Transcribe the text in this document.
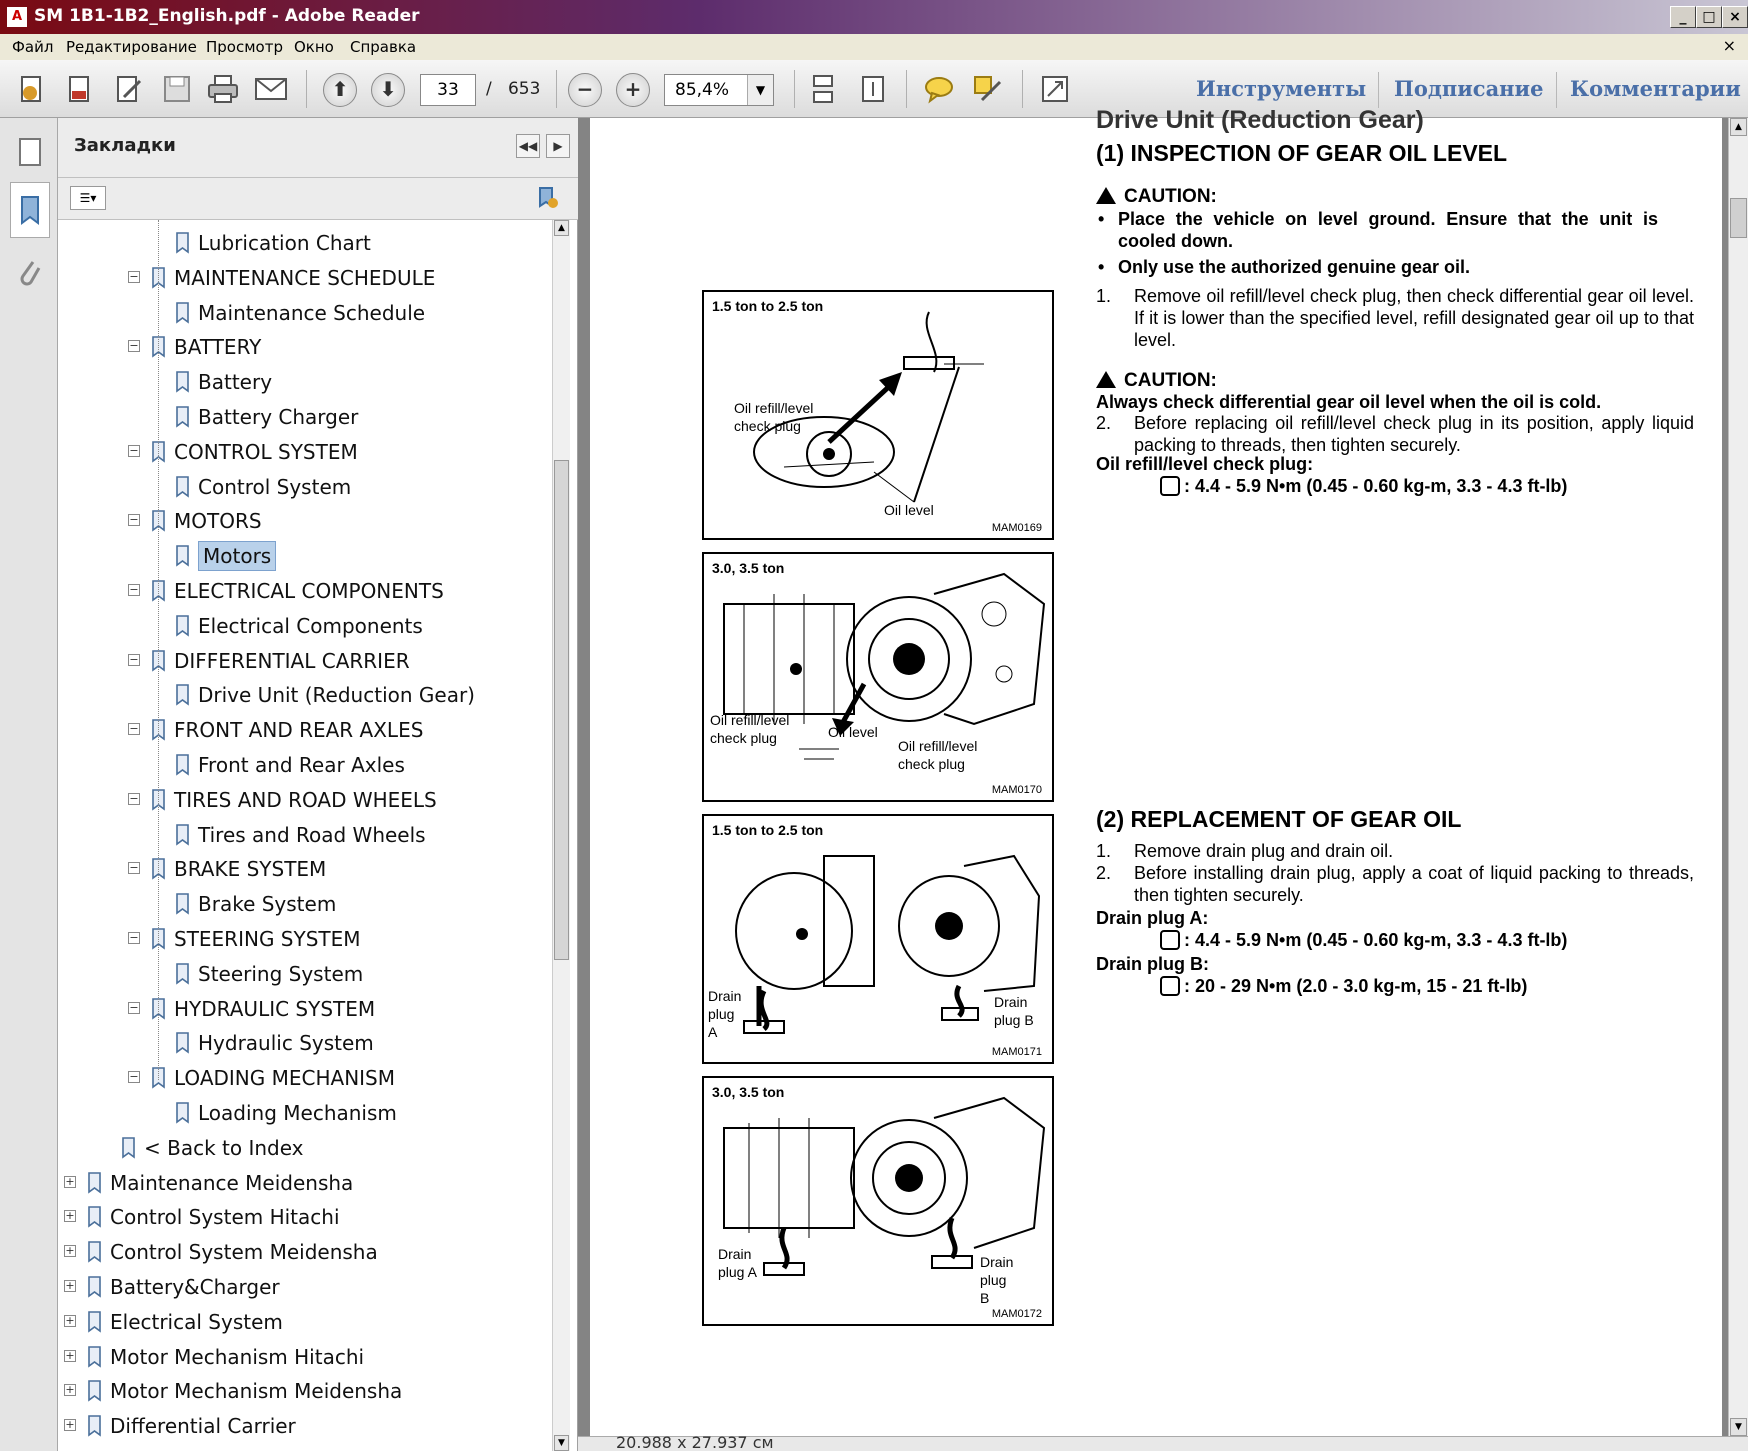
A SM 1B1-1B2_English.pdf - Adobe Reader	_	□ ×
Файл Редактирование Просмотр Окно Справка	×
⬆	⬇	33	/ 653	−	+	85,4%	▼	Инструменты Подписание Комментарии
Закладки	◀◀	▶
☰▾
Lubrication Chart
− MAINTENANCE SCHEDULE
Maintenance Schedule
− BATTERY
Battery
Battery Charger
− CONTROL SYSTEM
Control System
− MOTORS
Motors
− ELECTRICAL COMPONENTS
Electrical Components
− DIFFERENTIAL CARRIER
Drive Unit (Reduction Gear)
− FRONT AND REAR AXLES
Front and Rear Axles
− TIRES AND ROAD WHEELS
Tires and Road Wheels
− BRAKE SYSTEM
Brake System
− STEERING SYSTEM
Steering System
− HYDRAULIC SYSTEM
Hydraulic System
− LOADING MECHANISM
Loading Mechanism
< Back to Index
+ Maintenance Meidensha
+ Control System Hitachi
+ Control System Meidensha
+ Battery&Charger
+ Electrical System
+ Motor Mechanism Hitachi
+ Motor Mechanism Meidensha
+ Differential Carrier
▲
▼
Drive Unit (Reduction Gear)
(1) INSPECTION OF GEAR OIL LEVEL
CAUTION:
• Place the vehicle on level ground. Ensure that the unit is
cooled down.
• Only use the authorized genuine gear oil.
1. Remove oil refill/level check plug, then check differential gear oil level. If it is lower than the specified level, refill designated gear oil up to that level.
CAUTION:
Always check differential gear oil level when the oil is cold.
2. Before replacing oil refill/level check plug in its position, apply liquid packing to threads, then tighten securely.
Oil refill/level check plug:
: 4.4 - 5.9 N•m (0.45 - 0.60 kg-m, 3.3 - 4.3 ft-lb)
(2) REPLACEMENT OF GEAR OIL
1. Remove drain plug and drain oil.
2. Before installing drain plug, apply a coat of liquid packing to threads, then tighten securely.
Drain plug A:
: 4.4 - 5.9 N•m (0.45 - 0.60 kg-m, 3.3 - 4.3 ft-lb)
Drain plug B:
: 20 - 29 N•m (2.0 - 3.0 kg-m, 15 - 21 ft-lb)
1.5 ton to 2.5 ton
Oil refill/level
check plug
Oil level
MAM0169
3.0, 3.5 ton
Oil refill/level
check plug	Oil level
Oil refill/level
check plug
MAM0170
1.5 ton to 2.5 ton
Drain
plug
A
Drain
plug B
MAM0171
3.0, 3.5 ton
Drain
plug A
Drain
plug
B
MAM0172
▲
▼
20.988 x 27.937 см
